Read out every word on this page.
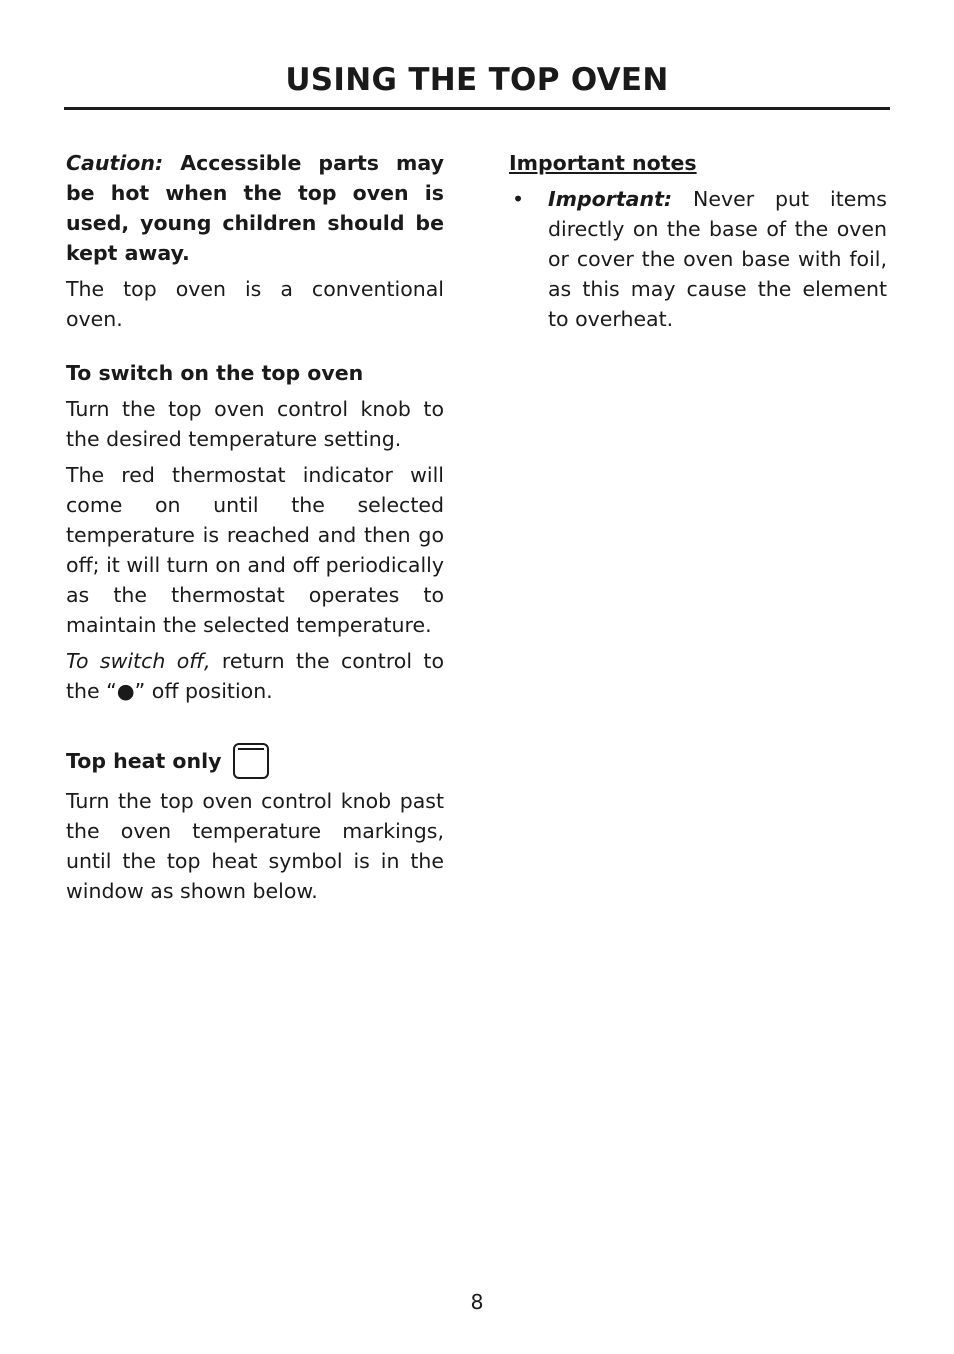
USING THE TOP OVEN

Caution: Accessible parts may be hot when the top oven is used, young children should be kept away.

The top oven is a conventional oven.

To switch on the top oven

Turn the top oven control knob to the desired temperature setting.

The red thermostat indicator will come on until the selected temperature is reached and then go off; it will turn on and off periodically as the thermostat operates to maintain the selected temperature.

To switch off, return the control to the “●” off position.

Top heat only

Turn the top oven control knob past the oven temperature markings, until the top heat symbol is in the window as shown below.

Important notes
•	Important: Never put items directly on the base of the oven or cover the oven base with foil, as this may cause the element to overheat.
8
